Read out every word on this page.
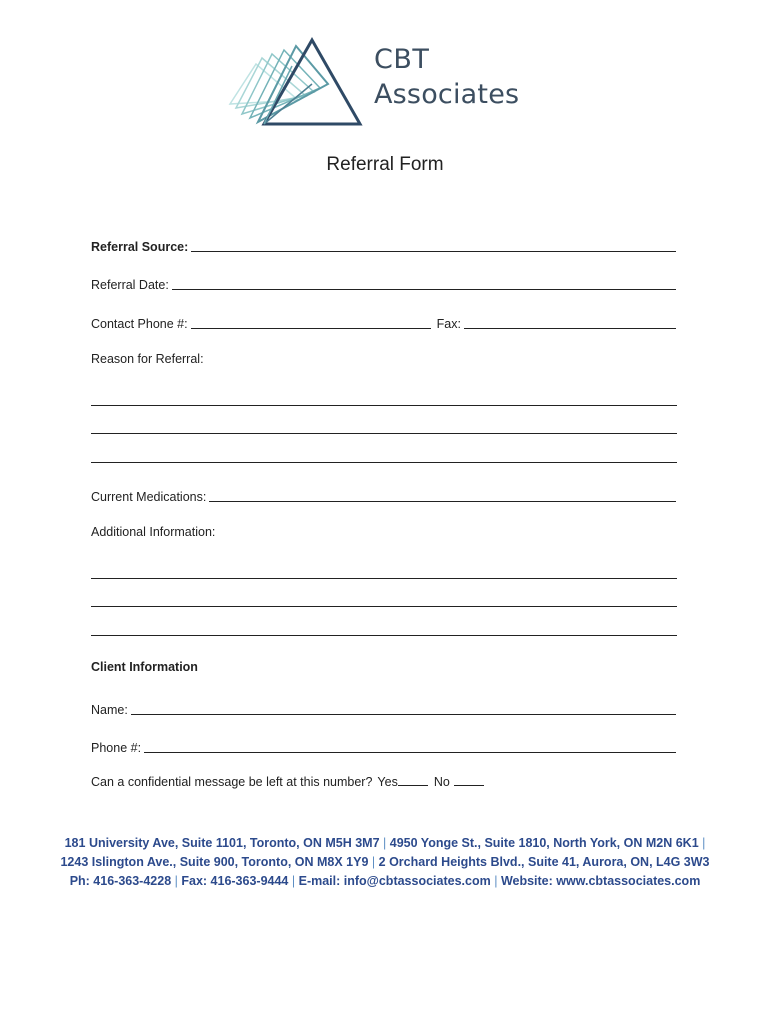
CBT
Associates
Referral Form
Referral Source:
Referral Date:
Contact Phone #:	Fax:
Reason for Referral:
Current Medications:
Additional Information:
Client Information
Name:
Phone #:
Can a confidential message be left at this number? Yes	No
181 University Ave, Suite 1101, Toronto, ON M5H 3M7 | 4950 Yonge St., Suite 1810, North York, ON M2N 6K1 |
1243 Islington Ave., Suite 900, Toronto, ON M8X 1Y9 | 2 Orchard Heights Blvd., Suite 41, Aurora, ON, L4G 3W3
Ph: 416-363-4228 | Fax: 416-363-9444 | E-mail: info@cbtassociates.com | Website: www.cbtassociates.com
